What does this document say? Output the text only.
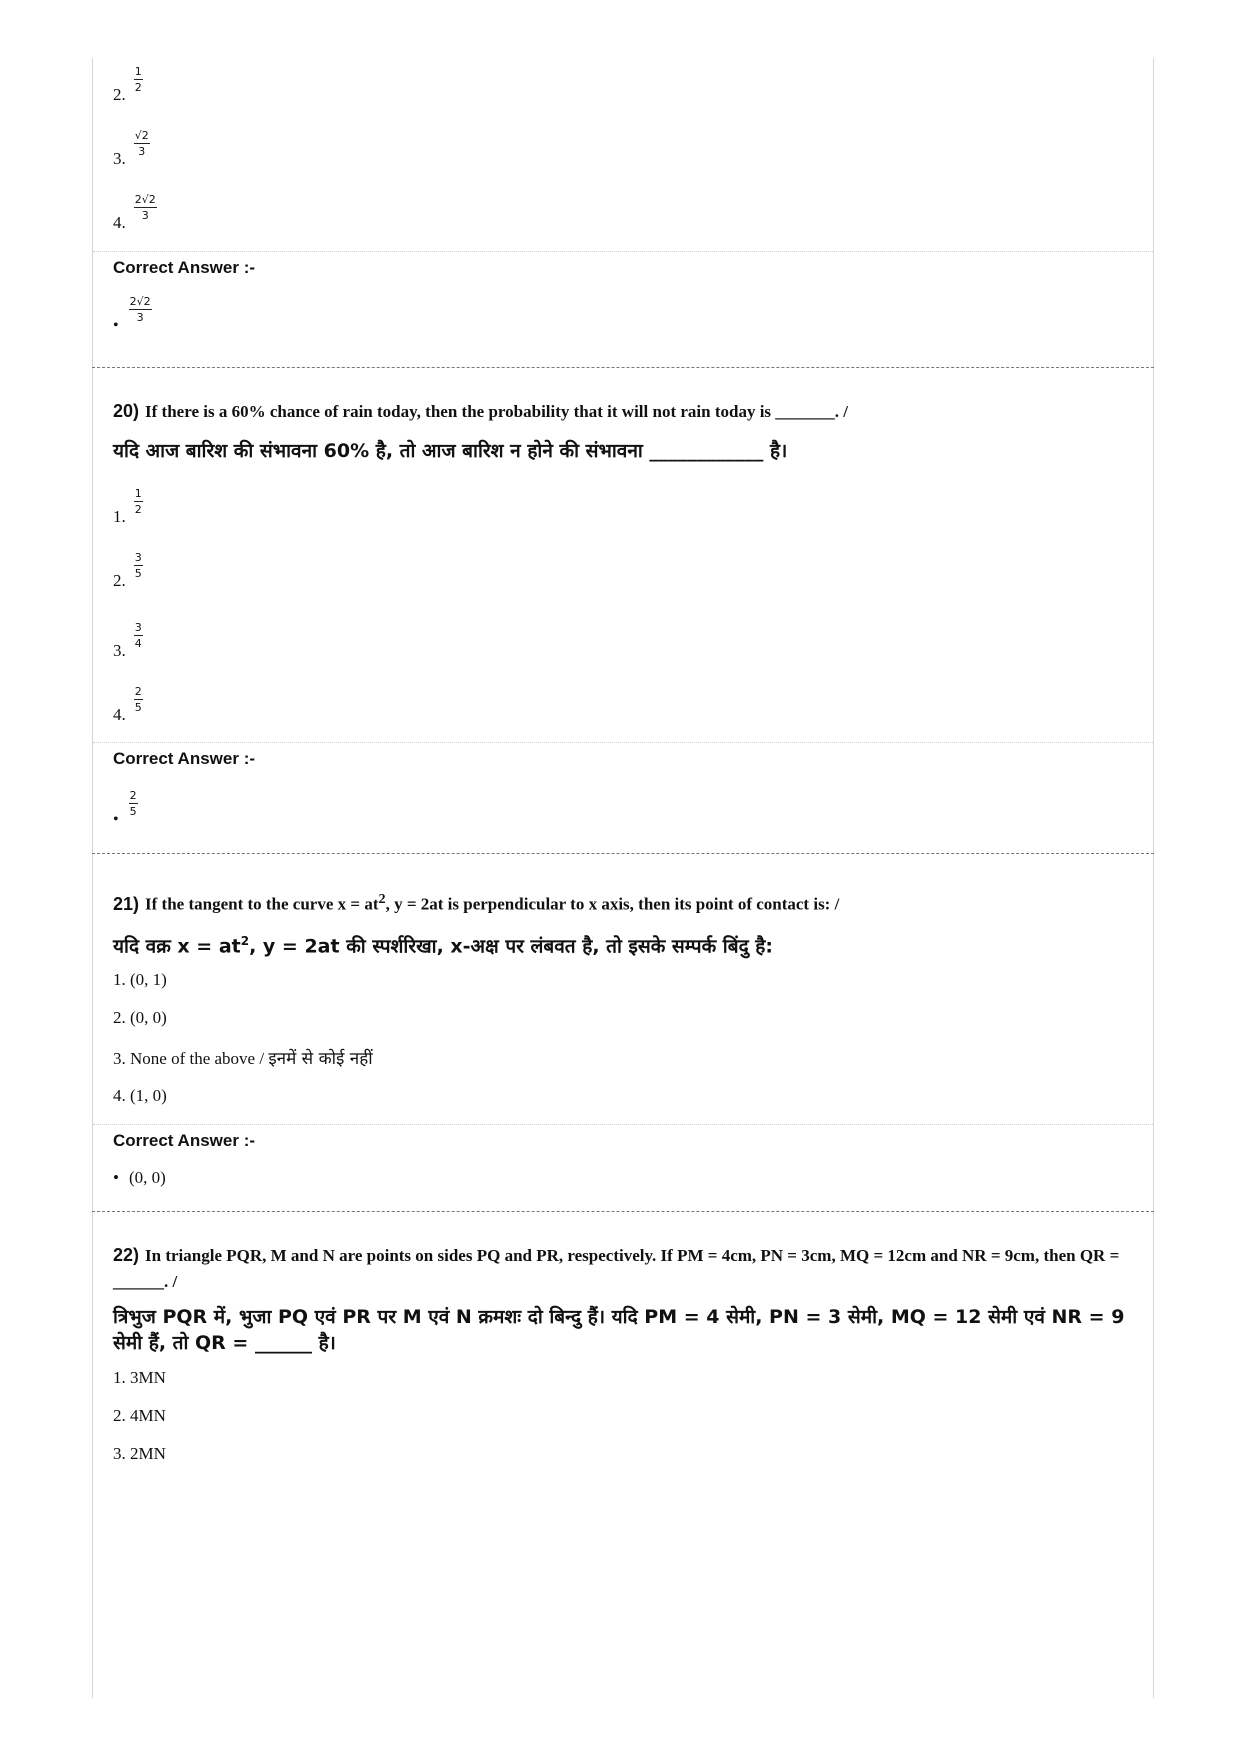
2.
$\frac{1}{2}$
3.
$\frac{√2}{3}$
4.
$\frac{2√2}{3}$
Correct Answer :-
•
$\frac{2√2}{3}$
20) If there is a 60% chance of rain today, then the probability that it will not rain today is _______. /
यदि आज बारिश की संभावना 60% है, तो आज बारिश न होने की संभावना ____________ है।
1.
$\frac{1}{2}$
2.
$\frac{3}{5}$
3.
$\frac{3}{4}$
4.
$\frac{2}{5}$
Correct Answer :-
•
$\frac{2}{5}$
21) If the tangent to the curve $x = at^2$, y = 2at is perpendicular to x axis, then its point of contact is: /
यदि वक्र $x = at^2$, y = 2at की स्पर्शरिखा, x-अक्ष पर लंबवत है, तो इसके सम्पर्क बिंदु है:
1. (0, 1)
2. (0, 0)
3. None of the above / इनमें से कोई नहीं
4. (1, 0)
Correct Answer :-
• (0, 0)
22) In triangle PQR, M and N are points on sides PQ and PR, respectively. If PM = 4cm, PN = 3cm, MQ = 12cm and NR = 9cm, then QR = ______. /
त्रिभुज PQR में, भुजा PQ एवं PR पर M एवं N क्रमशः दो बिन्दु हैं। यदि PM = 4 सेमी, PN = 3 सेमी, MQ = 12 सेमी एवं NR = 9 सेमी हैं, तो QR = ______ है।
1. 3MN
2. 4MN
3. 2MN
